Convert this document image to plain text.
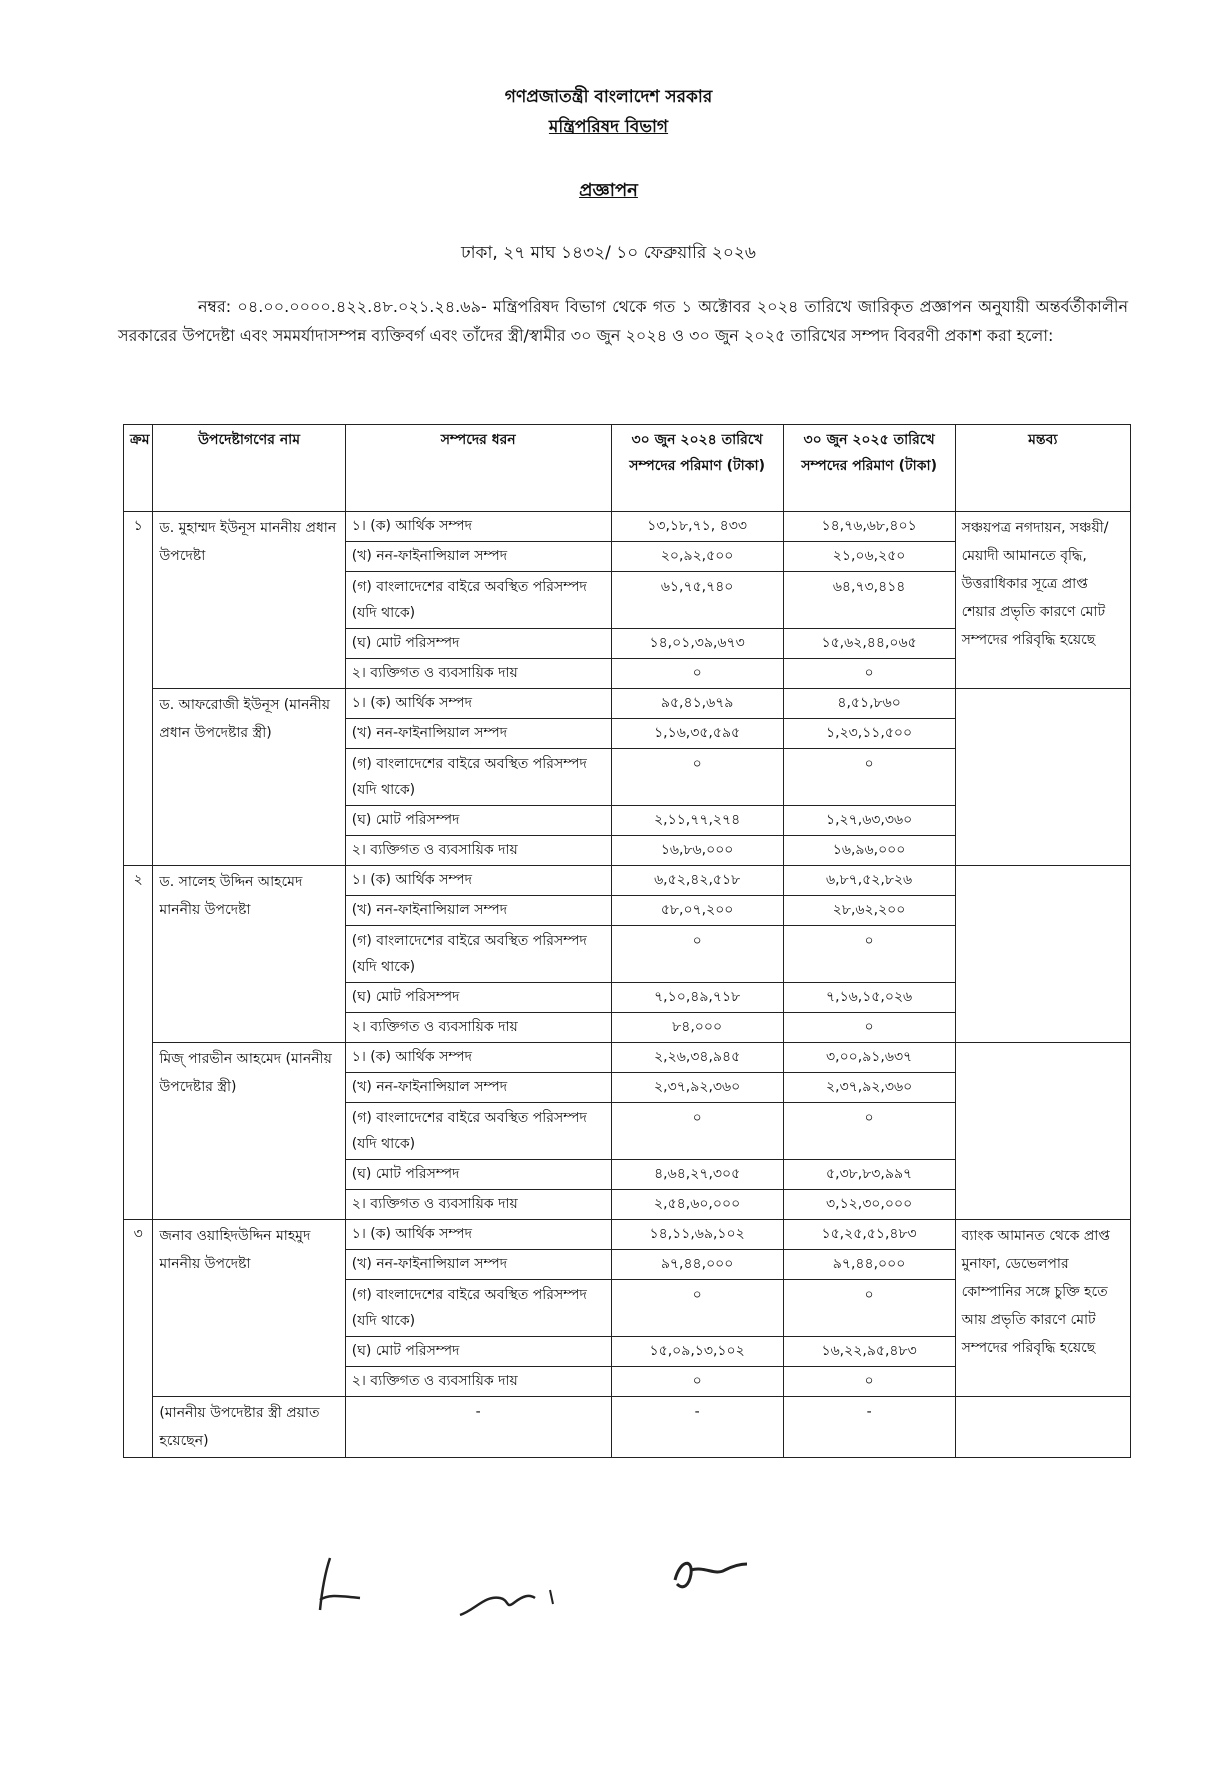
গণপ্রজাতন্ত্রী বাংলাদেশ সরকার
মন্ত্রিপরিষদ বিভাগ
প্রজ্ঞাপন
ঢাকা, ২৭ মাঘ ১৪৩২/ ১০ ফেব্রুয়ারি ২০২৬
নম্বর: ০৪.০০.০০০০.৪২২.৪৮.০২১.২৪.৬৯- মন্ত্রিপরিষদ বিভাগ থেকে গত ১ অক্টোবর ২০২৪ তারিখে জারিকৃত প্রজ্ঞাপন অনুযায়ী অন্তর্বর্তীকালীন সরকারের উপদেষ্টা এবং সমমর্যাদাসম্পন্ন ব্যক্তিবর্গ এবং তাঁদের স্ত্রী/স্বামীর ৩০ জুন ২০২৪ ও ৩০ জুন ২০২৫ তারিখের সম্পদ বিবরণী প্রকাশ করা হলো:
ক্রম	উপদেষ্টাগণের নাম	সম্পদের ধরন	৩০ জুন ২০২৪ তারিখে সম্পদের পরিমাণ (টাকা)	৩০ জুন ২০২৫ তারিখে সম্পদের পরিমাণ (টাকা)	মন্তব্য
১	ড. মুহাম্মদ ইউনূস মাননীয় প্রধান উপদেষ্টা	১। (ক) আর্থিক সম্পদ	১৩,১৮,৭১, ৪৩৩	১৪,৭৬,৬৮,৪০১	সঞ্চয়পত্র নগদায়ন, সঞ্চয়ী/মেয়াদী আমানতে বৃদ্ধি, উত্তরাধিকার সূত্রে প্রাপ্ত শেয়ার প্রভৃতি কারণে মোট সম্পদের পরিবৃদ্ধি হয়েছে
		(খ) নন-ফাইনান্সিয়াল সম্পদ	২০,৯২,৫০০	২১,০৬,২৫০	
		(গ) বাংলাদেশের বাইরে অবস্থিত পরিসম্পদ (যদি থাকে)	৬১,৭৫,৭৪০	৬৪,৭৩,৪১৪	
		(ঘ) মোট পরিসম্পদ	১৪,০১,৩৯,৬৭৩	১৫,৬২,৪৪,০৬৫	
		২। ব্যক্তিগত ও ব্যবসায়িক দায়	০	০	
	ড. আফরোজী ইউনূস (মাননীয় প্রধান উপদেষ্টার স্ত্রী)	১। (ক) আর্থিক সম্পদ	৯৫,৪১,৬৭৯	৪,৫১,৮৬০	
		(খ) নন-ফাইনান্সিয়াল সম্পদ	১,১৬,৩৫,৫৯৫	১,২৩,১১,৫০০	
		(গ) বাংলাদেশের বাইরে অবস্থিত পরিসম্পদ (যদি থাকে)	০	০	
		(ঘ) মোট পরিসম্পদ	২,১১,৭৭,২৭৪	১,২৭,৬৩,৩৬০	
		২। ব্যক্তিগত ও ব্যবসায়িক দায়	১৬,৮৬,০০০	১৬,৯৬,০০০	
২	ড. সালেহ উদ্দিন আহমেদ মাননীয় উপদেষ্টা	১। (ক) আর্থিক সম্পদ	৬,৫২,৪২,৫১৮	৬,৮৭,৫২,৮২৬	
		(খ) নন-ফাইনান্সিয়াল সম্পদ	৫৮,০৭,২০০	২৮,৬২,২০০	
		(গ) বাংলাদেশের বাইরে অবস্থিত পরিসম্পদ (যদি থাকে)	০	০	
		(ঘ) মোট পরিসম্পদ	৭,১০,৪৯,৭১৮	৭,১৬,১৫,০২৬	
		২। ব্যক্তিগত ও ব্যবসায়িক দায়	৮৪,০০০	০	
	মিজ্ পারভীন আহমেদ (মাননীয় উপদেষ্টার স্ত্রী)	১। (ক) আর্থিক সম্পদ	২,২৬,৩৪,৯৪৫	৩,০০,৯১,৬৩৭	
		(খ) নন-ফাইনান্সিয়াল সম্পদ	২,৩৭,৯২,৩৬০	২,৩৭,৯২,৩৬০	
		(গ) বাংলাদেশের বাইরে অবস্থিত পরিসম্পদ (যদি থাকে)	০	০	
		(ঘ) মোট পরিসম্পদ	৪,৬৪,২৭,৩০৫	৫,৩৮,৮৩,৯৯৭	
		২। ব্যক্তিগত ও ব্যবসায়িক দায়	২,৫৪,৬০,০০০	৩,১২,৩০,০০০	
৩	জনাব ওয়াহিদউদ্দিন মাহমুদ মাননীয় উপদেষ্টা	১। (ক) আর্থিক সম্পদ	১৪,১১,৬৯,১০২	১৫,২৫,৫১,৪৮৩	ব্যাংক আমানত থেকে প্রাপ্ত মুনাফা, ডেভেলপার কোম্পানির সঙ্গে চুক্তি হতে আয় প্রভৃতি কারণে মোট সম্পদের পরিবৃদ্ধি হয়েছে
		(খ) নন-ফাইনান্সিয়াল সম্পদ	৯৭,৪৪,০০০	৯৭,৪৪,০০০	
		(গ) বাংলাদেশের বাইরে অবস্থিত পরিসম্পদ (যদি থাকে)	০	০	
		(ঘ) মোট পরিসম্পদ	১৫,০৯,১৩,১০২	১৬,২২,৯৫,৪৮৩	
		২। ব্যক্তিগত ও ব্যবসায়িক দায়	০	০	
	(মাননীয় উপদেষ্টার স্ত্রী প্রয়াত হয়েছেন)	-	-	-	
